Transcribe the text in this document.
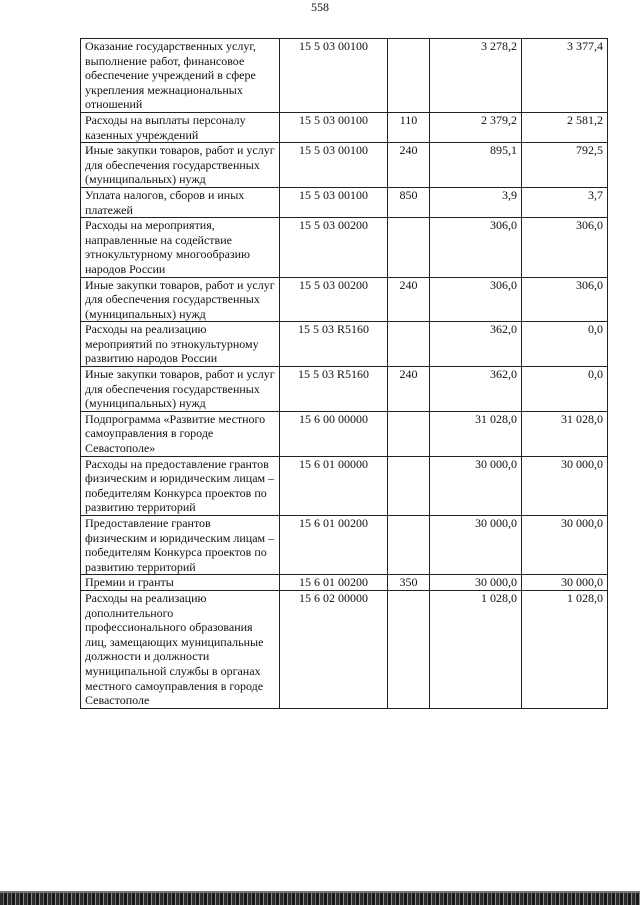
558
Оказание государственных услуг, выполнение работ, финансовое обеспечение учреждений в сфере укрепления межнациональных отношений	15 5 03 00100		3 278,2	3 377,4
Расходы на выплаты персоналу казенных учреждений	15 5 03 00100	110	2 379,2	2 581,2
Иные закупки товаров, работ и услуг для обеспечения государственных (муниципальных) нужд	15 5 03 00100	240	895,1	792,5
Уплата налогов, сборов и иных платежей	15 5 03 00100	850	3,9	3,7
Расходы на мероприятия, направленные на содействие этнокультурному многообразию народов России	15 5 03 00200		306,0	306,0
Иные закупки товаров, работ и услуг для обеспечения государственных (муниципальных) нужд	15 5 03 00200	240	306,0	306,0
Расходы на реализацию мероприятий по этнокультурному развитию народов России	15 5 03 R5160		362,0	0,0
Иные закупки товаров, работ и услуг для обеспечения государственных (муниципальных) нужд	15 5 03 R5160	240	362,0	0,0
Подпрограмма «Развитие местного самоуправления в городе Севастополе»	15 6 00 00000		31 028,0	31 028,0
Расходы на предоставление грантов физическим и юридическим лицам – победителям Конкурса проектов по развитию территорий	15 6 01 00000		30 000,0	30 000,0
Предоставление грантов физическим и юридическим лицам – победителям Конкурса проектов по развитию территорий	15 6 01 00200		30 000,0	30 000,0
Премии и гранты	15 6 01 00200	350	30 000,0	30 000,0
Расходы на реализацию дополнительного профессионального образования лиц, замещающих муниципальные должности и должности муниципальной службы в органах местного самоуправления в городе Севастополе	15 6 02 00000		1 028,0	1 028,0
